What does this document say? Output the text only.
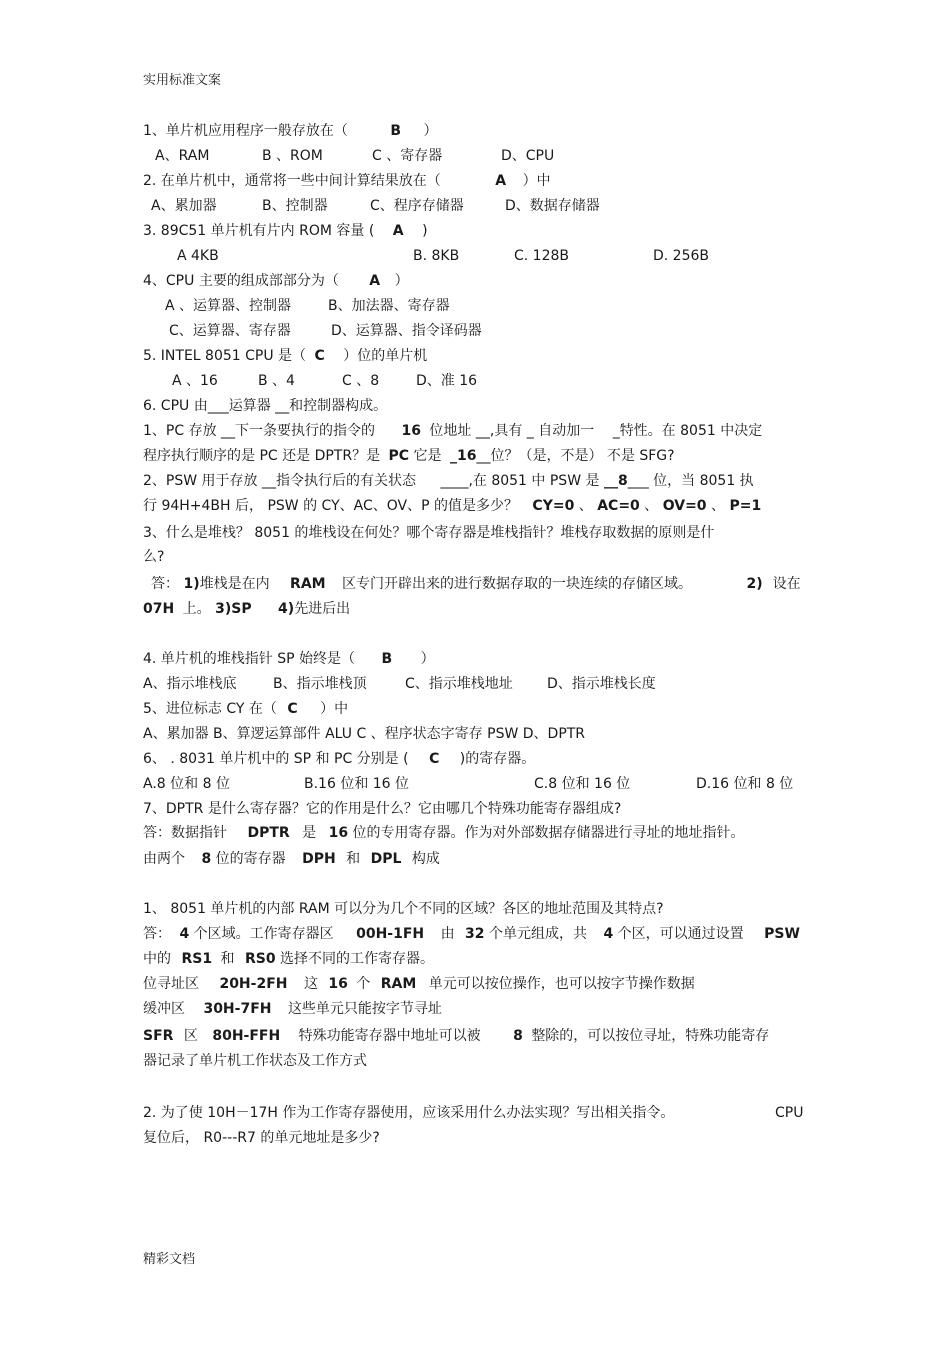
实用标准文案
1、单片机应用程序一般存放在（	B ）
A、RAM	B 、ROM	C 、寄存器	D、CPU
2. 在单片机中，通常将一些中间计算结果放在（	A ）中
A、累加器	B、控制器	C、程序存储器	D、数据存储器
3. 89C51 单片机有片内 ROM 容量 ( A )
A 4KB	B. 8KB	C. 128B	D. 256B
4、CPU 主要的组成部部分为（ A ）
A 、运算器、控制器	B、加法器、寄存器
C、运算器、寄存器	D、运算器、指令译码器
5. INTEL 8051 CPU 是（ C ）位的单片机
A 、16	B 、4	C 、8	D、准 16
6. CPU 由___运算器 __和控制器构成。
1、PC 存放 __下一条要执行的指令的 16 位地址 __,具有 _ 自动加一 _特性。在 8051 中决定
程序执行顺序的是 PC 还是 DPTR？是 PC 它是 _16__位？（是，不是） 不是 SFG?
2、PSW 用于存放 __指令执行后的有关状态 ____,在 8051 中 PSW 是 __8___ 位，当 8051 执
行 94H+4BH 后， PSW 的 CY、AC、OV、P 的值是多少？ CY=0 、 AC=0 、 OV=0 、 P=1
3、什么是堆栈？ 8051 的堆栈设在何处？哪个寄存器是堆栈指针？堆栈存取数据的原则是什
么?
答： 1)堆栈是在内 RAM 区专门开辟出来的进行数据存取的一块连续的存储区域。	2) 设在
07H 上。 3)SP 4)先进后出
4. 单片机的堆栈指针 SP 始终是（ B ）
A、指示堆栈底	B、指示堆栈顶	C、指示堆栈地址 D、指示堆栈长度
5、进位标志 CY 在（ C ）中
A、累加器 B、算逻运算部件 ALU C 、程序状态字寄存 PSW D、DPTR
6、 . 8031 单片机中的 SP 和 PC 分别是 ( C )的寄存器。
A.8 位和 8 位	B.16 位和 16 位	C.8 位和 16 位	D.16 位和 8 位
7、DPTR 是什么寄存器？它的作用是什么？它由哪几个特殊功能寄存器组成?
答：数据指针 DPTR 是 16 位的专用寄存器。作为对外部数据存储器进行寻址的地址指针。
由两个 8 位的寄存器 DPH 和 DPL 构成
1、 8051 单片机的内部 RAM 可以分为几个不同的区域？各区的地址范围及其特点?
答： 4 个区域。工作寄存器区 00H-1FH 由 32 个单元组成，共 4 个区，可以通过设置 PSW
中的 RS1 和 RS0 选择不同的工作寄存器。
位寻址区 20H-2FH 这 16 个 RAM 单元可以按位操作，也可以按字节操作数据
缓冲区 30H-7FH 这些单元只能按字节寻址
SFR 区 80H-FFH 特殊功能寄存器中地址可以被 8 整除的，可以按位寻址，特殊功能寄存
器记录了单片机工作状态及工作方式
2. 为了使 10H－17H 作为工作寄存器使用，应该采用什么办法实现？写出相关指令。	CPU
复位后， R0---R7 的单元地址是多少?
精彩文档
